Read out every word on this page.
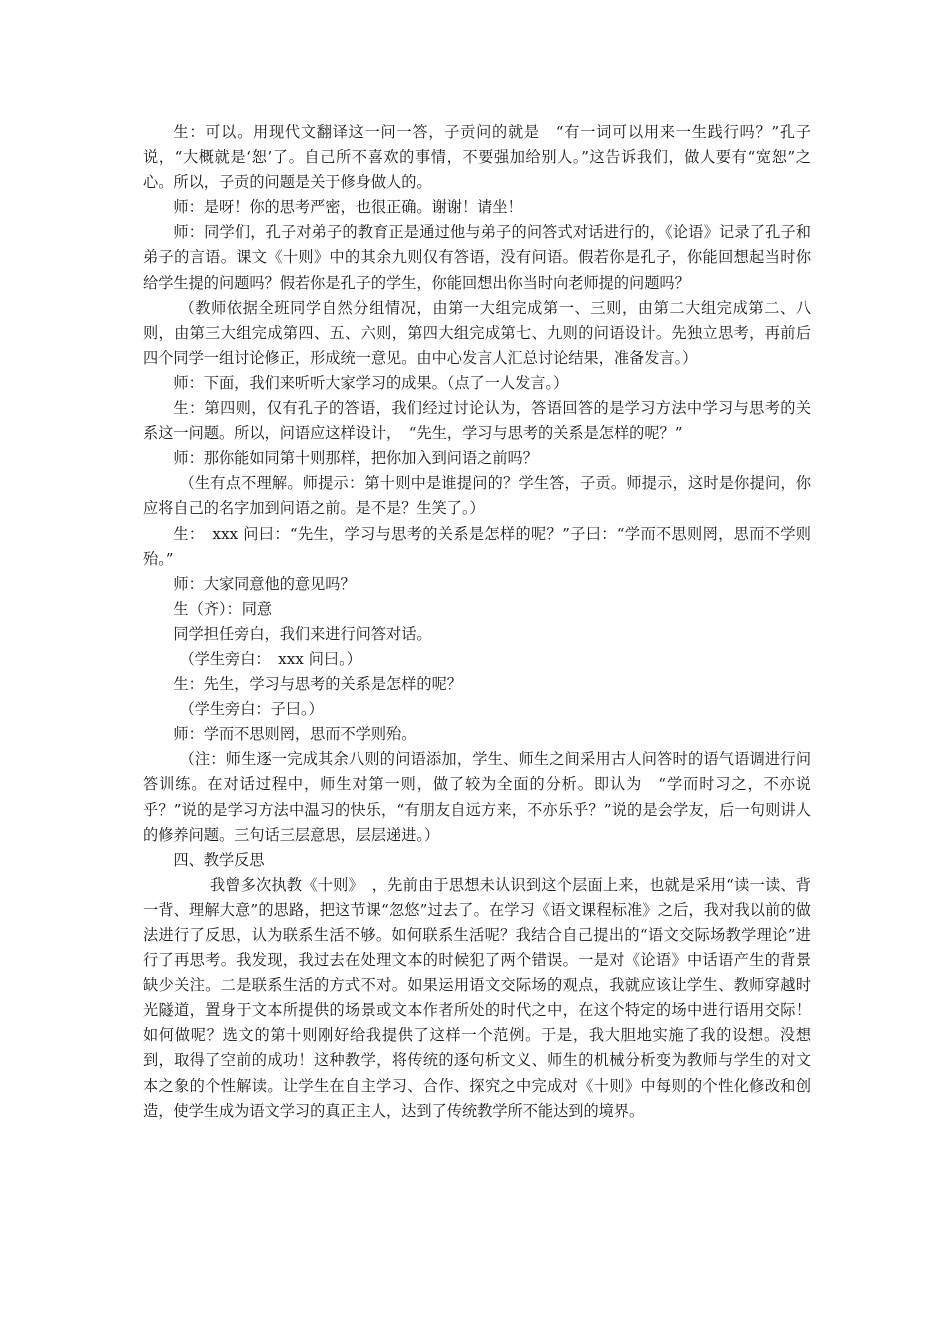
生：可以。用现代文翻译这一问一答，子贡问的就是　“有一词可以用来一生践行吗？”孔子说，“大概就是‘恕’了。自己所不喜欢的事情，不要强加给别人。”这告诉我们，做人要有“宽恕”之心。所以，子贡的问题是关于修身做人的。

师：是呀！你的思考严密，也很正确。谢谢！请坐！

师：同学们，孔子对弟子的教育正是通过他与弟子的问答式对话进行的，《论语》记录了孔子和弟子的言语。课文《十则》中的其余九则仅有答语，没有问语。假若你是孔子，你能回想起当时你给学生提的问题吗？假若你是孔子的学生，你能回想出你当时向老师提的问题吗？

（教师依据全班同学自然分组情况，由第一大组完成第一、三则，由第二大组完成第二、八则，由第三大组完成第四、五、六则，第四大组完成第七、九则的问语设计。先独立思考，再前后四个同学一组讨论修正，形成统一意见。由中心发言人汇总讨论结果，准备发言。）

师：下面，我们来听听大家学习的成果。（点了一人发言。）

生：第四则，仅有孔子的答语，我们经过讨论认为，答语回答的是学习方法中学习与思考的关系这一问题。所以，问语应这样设计，　“先生，学习与思考的关系是怎样的呢？”

师：那你能如同第十则那样，把你加入到问语之前吗？

（生有点不理解。师提示：第十则中是谁提问的？学生答，子贡。师提示，这时是你提问，你应将自己的名字加到问语之前。是不是？生笑了。）

生：　xxx 问曰：“先生，学习与思考的关系是怎样的呢？”子曰：“学而不思则罔，思而不学则殆。”

师：大家同意他的意见吗？

生（齐）：同意

同学担任旁白，我们来进行问答对话。

（学生旁白：　xxx 问曰。）

生：先生，学习与思考的关系是怎样的呢？

（学生旁白：子曰。）

师：学而不思则罔，思而不学则殆。

（注：师生逐一完成其余八则的问语添加，学生、师生之间采用古人问答时的语气语调进行问答训练。在对话过程中，师生对第一则，做了较为全面的分析。即认为　“学而时习之，不亦说乎？”说的是学习方法中温习的快乐，“有朋友自远方来，不亦乐乎？”说的是会学友，后一句则讲人的修养问题。三句话三层意思，层层递进。）

四、教学反思

我曾多次执教《十则》　，先前由于思想未认识到这个层面上来，也就是采用“读一读、背一背、理解大意”的思路，把这节课“忽悠”过去了。在学习《语文课程标准》之后，我对我以前的做法进行了反思，认为联系生活不够。如何联系生活呢？我结合自己提出的“语文交际场教学理论”进行了再思考。我发现，我过去在处理文本的时候犯了两个错误。一是对《论语》中话语产生的背景缺少关注。二是联系生活的方式不对。如果运用语文交际场的观点，我就应该让学生、教师穿越时光隧道，置身于文本所提供的场景或文本作者所处的时代之中，在这个特定的场中进行语用交际！如何做呢？选文的第十则刚好给我提供了这样一个范例。于是，我大胆地实施了我的设想。没想到，取得了空前的成功！这种教学，将传统的逐句析文义、师生的机械分析变为教师与学生的对文本之象的个性解读。让学生在自主学习、合作、探究之中完成对《十则》中每则的个性化修改和创造，使学生成为语文学习的真正主人，达到了传统教学所不能达到的境界。
